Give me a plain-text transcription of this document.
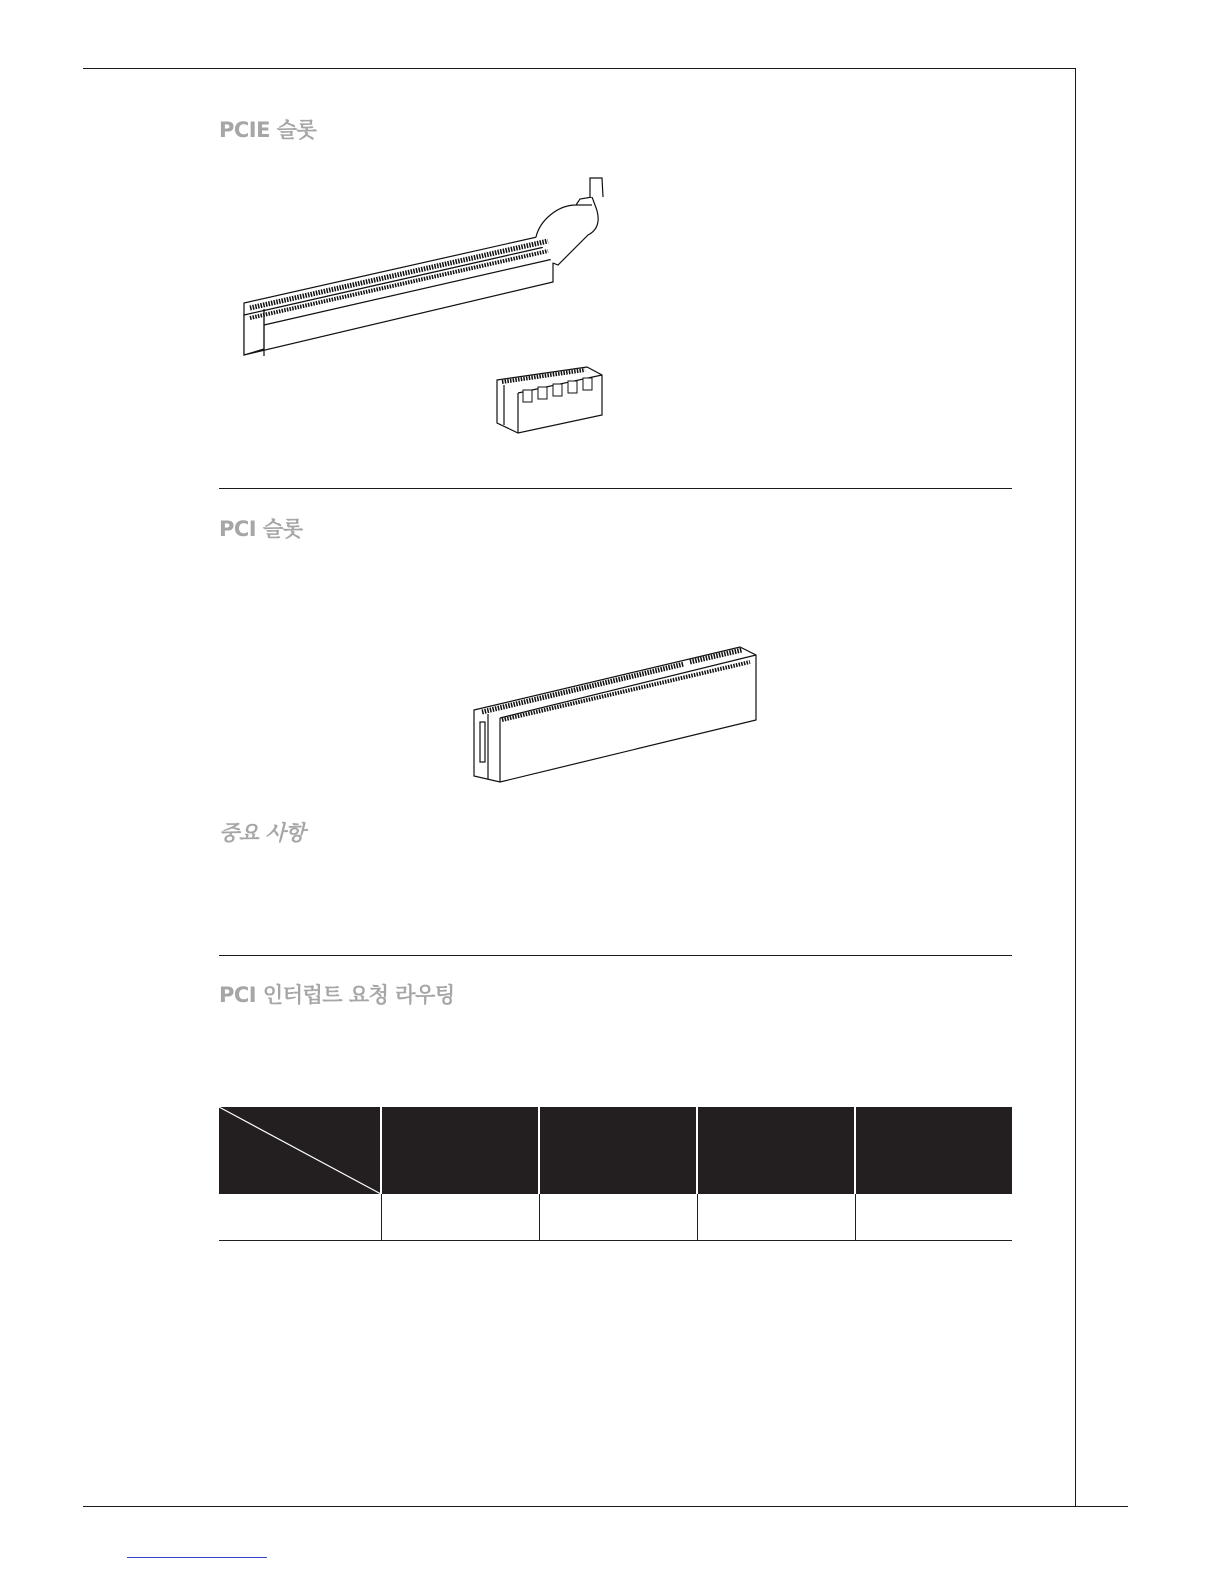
PCIE 슬롯
PCI 슬롯
중요 사항
PCI 인터럽트 요청 라우팅
